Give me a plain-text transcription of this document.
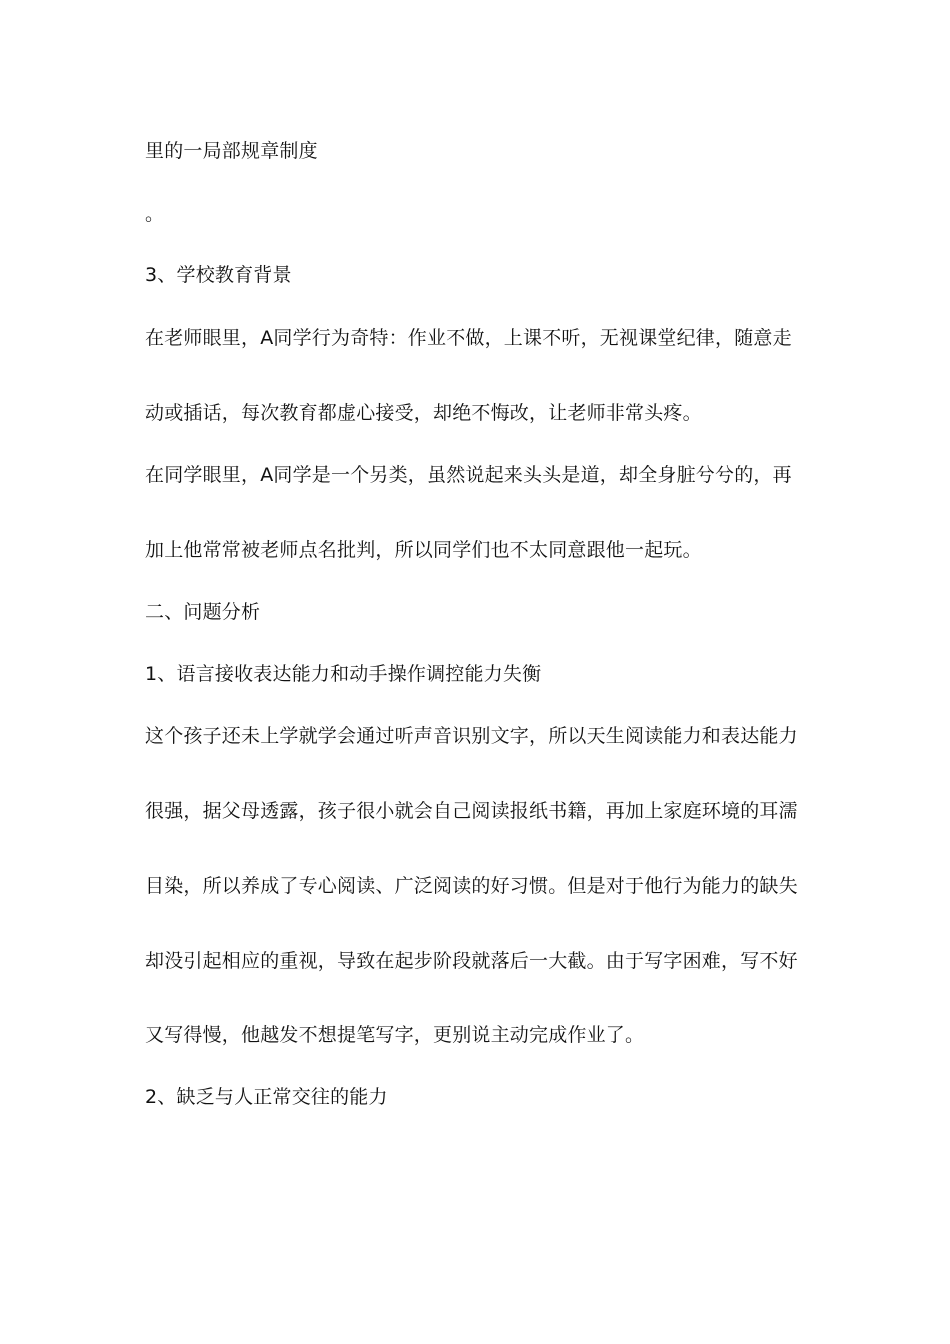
里的一局部规章制度
。
3、学校教育背景
在老师眼里，A同学行为奇特：作业不做，上课不听，无视课堂纪律，随意走
动或插话，每次教育都虚心接受，却绝不悔改，让老师非常头疼。
在同学眼里，A同学是一个另类，虽然说起来头头是道，却全身脏兮兮的，再
加上他常常被老师点名批判，所以同学们也不太同意跟他一起玩。
二、问题分析
1、语言接收表达能力和动手操作调控能力失衡
这个孩子还未上学就学会通过听声音识别文字，所以天生阅读能力和表达能力
很强，据父母透露，孩子很小就会自己阅读报纸书籍，再加上家庭环境的耳濡
目染，所以养成了专心阅读、广泛阅读的好习惯。但是对于他行为能力的缺失
却没引起相应的重视，导致在起步阶段就落后一大截。由于写字困难，写不好
又写得慢，他越发不想提笔写字，更别说主动完成作业了。
2、缺乏与人正常交往的能力
